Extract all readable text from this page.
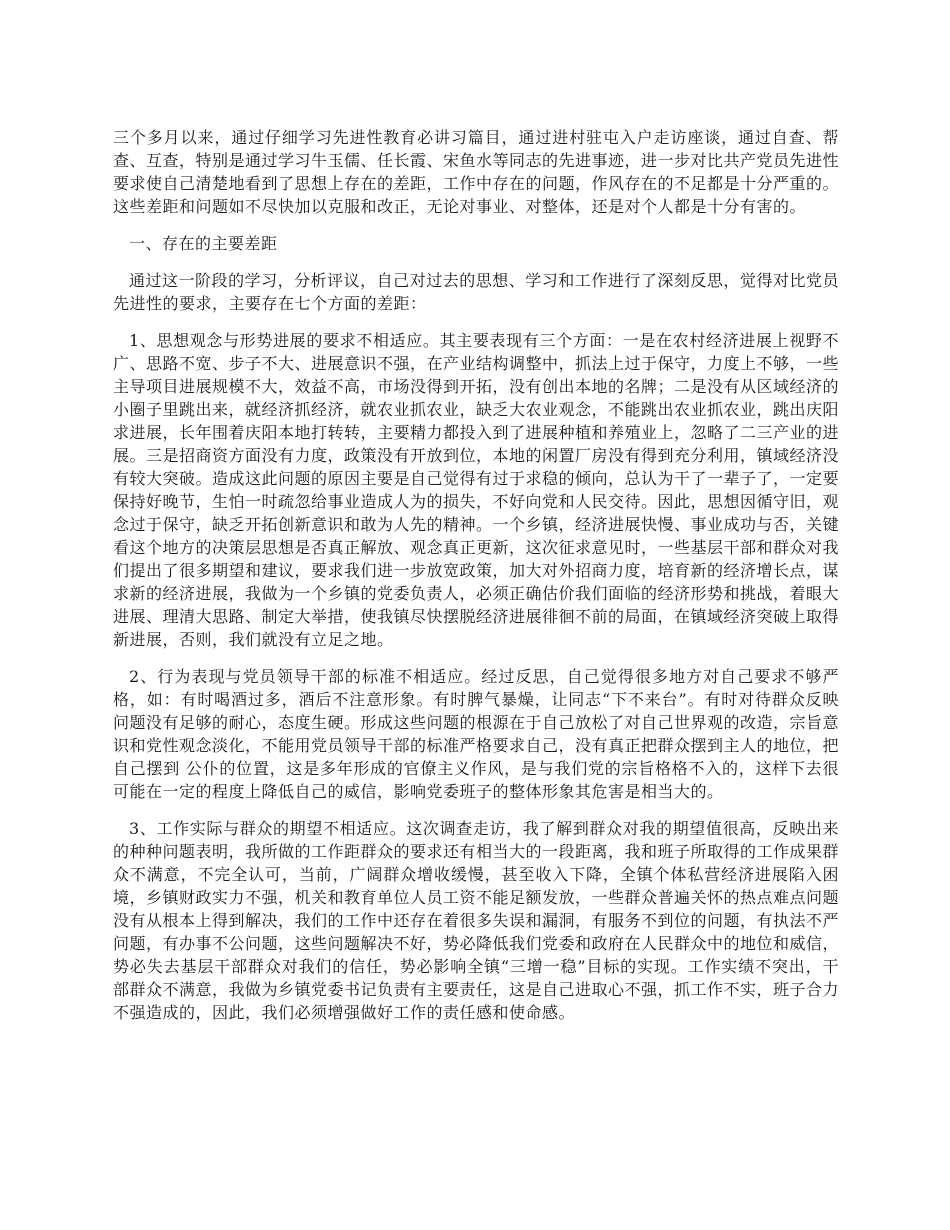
三个多月以来，通过仔细学习先进性教育必讲习篇目，通过进村驻屯入户走访座谈，通过自查、帮查、互查，特别是通过学习牛玉儒、任长霞、宋鱼水等同志的先进事迹，进一步对比共产党员先进性要求使自己清楚地看到了思想上存在的差距，工作中存在的问题，作风存在的不足都是十分严重的。这些差距和问题如不尽快加以克服和改正，无论对事业、对整体，还是对个人都是十分有害的。

一、存在的主要差距

通过这一阶段的学习，分析评议，自己对过去的思想、学习和工作进行了深刻反思，觉得对比党员先进性的要求，主要存在七个方面的差距：

1、思想观念与形势进展的要求不相适应。其主要表现有三个方面：一是在农村经济进展上视野不广、思路不宽、步子不大、进展意识不强，在产业结构调整中，抓法上过于保守，力度上不够，一些主导项目进展规模不大，效益不高，市场没得到开拓，没有创出本地的名牌；二是没有从区域经济的小圈子里跳出来，就经济抓经济，就农业抓农业，缺乏大农业观念，不能跳出农业抓农业，跳出庆阳求进展，长年围着庆阳本地打转转，主要精力都投入到了进展种植和养殖业上，忽略了二三产业的进展。三是招商资方面没有力度，政策没有开放到位，本地的闲置厂房没有得到充分利用，镇域经济没有较大突破。造成这此问题的原因主要是自己觉得有过于求稳的倾向，总认为干了一辈子了，一定要保持好晚节，生怕一时疏忽给事业造成人为的损失，不好向党和人民交待。因此，思想因循守旧，观念过于保守，缺乏开拓创新意识和敢为人先的精神。一个乡镇，经济进展快慢、事业成功与否，关键看这个地方的决策层思想是否真正解放、观念真正更新，这次征求意见时，一些基层干部和群众对我们提出了很多期望和建议，要求我们进一步放宽政策，加大对外招商力度，培育新的经济增长点，谋求新的经济进展，我做为一个乡镇的党委负责人，必须正确估价我们面临的经济形势和挑战，着眼大进展、理清大思路、制定大举措，使我镇尽快摆脱经济进展徘徊不前的局面，在镇域经济突破上取得新进展，否则，我们就没有立足之地。

2、行为表现与党员领导干部的标准不相适应。经过反思，自己觉得很多地方对自己要求不够严格，如：有时喝酒过多，酒后不注意形象。有时脾气暴燥，让同志“下不来台”。有时对待群众反映问题没有足够的耐心，态度生硬。形成这些问题的根源在于自己放松了对自己世界观的改造，宗旨意识和党性观念淡化，不能用党员领导干部的标准严格要求自己，没有真正把群众摆到主人的地位，把自己摆到 公仆的位置，这是多年形成的官僚主义作风，是与我们党的宗旨格格不入的，这样下去很可能在一定的程度上降低自己的威信，影响党委班子的整体形象其危害是相当大的。

3、工作实际与群众的期望不相适应。这次调查走访，我了解到群众对我的期望值很高，反映出来的种种问题表明，我所做的工作距群众的要求还有相当大的一段距离，我和班子所取得的工作成果群众不满意，不完全认可，当前，广阔群众增收缓慢，甚至收入下降，全镇个体私营经济进展陷入困境，乡镇财政实力不强，机关和教育单位人员工资不能足额发放，一些群众普遍关怀的热点难点问题没有从根本上得到解决，我们的工作中还存在着很多失误和漏洞，有服务不到位的问题，有执法不严问题，有办事不公问题，这些问题解决不好，势必降低我们党委和政府在人民群众中的地位和威信，势必失去基层干部群众对我们的信任，势必影响全镇“三增一稳”目标的实现。工作实绩不突出，干部群众不满意，我做为乡镇党委书记负责有主要责任，这是自己进取心不强，抓工作不实，班子合力不强造成的，因此，我们必须增强做好工作的责任感和使命感。
